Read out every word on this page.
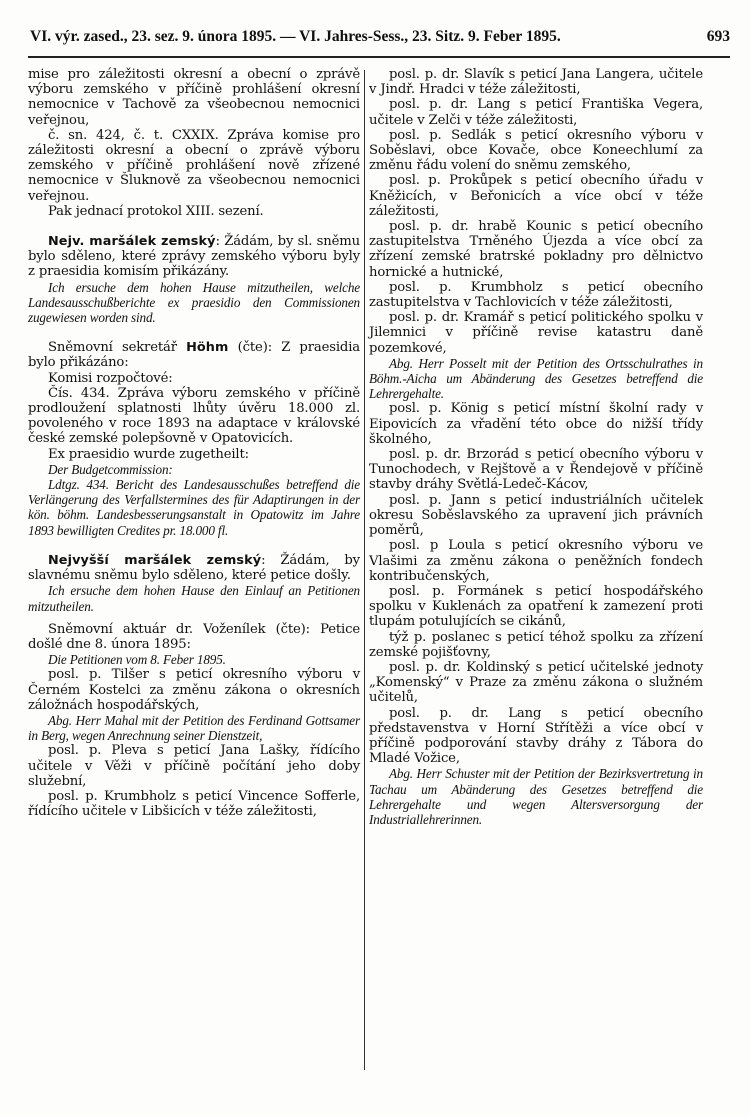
VI. výr. zased., 23. sez. 9. února 1895. — VI. Jahres-Sess., 23. Sitz. 9. Feber 1895.	693

mise pro záležitosti okresní a obecní o zprávě výboru zemského v příčině prohlášení okresní nemocnice v Tachově za všeobecnou nemocnici veřejnou,

č. sn. 424, č. t. CXXIX. Zpráva komise pro záležitosti okresní a obecní o zprávě výboru zemského v příčině prohlášení nově zřízené nemocnice v Šluknově za všeobecnou nemocnici veřejnou.

Pak jednací protokol XIII. sezení.

Nejv. maršálek zemský: Žádám, by sl. sněmu bylo sděleno, které zprávy zemského výboru byly z praesidia komisím přikázány.

Ich ersuche dem hohen Hause mitzutheilen, welche Landesausschußberichte ex praesidio den Commissionen zugewiesen worden sind.

Sněmovní sekretář Höhm (čte): Z praesidia bylo přikázáno:

Komisi rozpočtové:

Čís. 434. Zpráva výboru zemského v příčině prodloužení splatnosti lhůty úvěru 18.000 zl. povoleného v roce 1893 na adaptace v královské české zemské polepšovně v Opatovicích.

Ex praesidio wurde zugetheilt:

Der Budgetcommission:

Ldtgz. 434. Bericht des Landesausschußes betreffend die Verlängerung des Verfallstermines des für Adaptirungen in der kön. böhm. Landesbesserungsanstalt in Opatowitz im Jahre 1893 bewilligten Credites pr. 18.000 fl.

Nejvyšší maršálek zemský: Žádám, by slavnému sněmu bylo sděleno, které petice došly.

Ich ersuche dem hohen Hause den Einlauf an Petitionen mitzutheilen.

Sněmovní aktuár dr. Voženílek (čte): Petice došlé dne 8. února 1895:

Die Petitionen vom 8. Feber 1895.

posl. p. Tilšer s peticí okresního výboru v Černém Kostelci za změnu zákona o okresních záložnách hospodářských,

Abg. Herr Mahal mit der Petition des Ferdinand Gottsamer in Berg, wegen Anrechnung seiner Dienstzeit,

posl. p. Pleva s peticí Jana Lašky, řídícího učitele v Věži v příčině počítání jeho doby služební,

posl. p. Krumbholz s peticí Vincence Sofferle, řídícího učitele v Libšicích v téže záležitosti,

posl. p. dr. Slavík s peticí Jana Langera, učitele v Jindř. Hradci v téže záležitosti,

posl. p. dr. Lang s peticí Františka Vegera, učitele v Zelči v téže záležitosti,

posl. p. Sedlák s peticí okresního výboru v Soběslavi, obce Kovače, obce Koneechlumí za změnu řádu volení do sněmu zemského,

posl. p. Prokůpek s peticí obecního úřadu v Kněžicích, v Beřonicích a více obcí v téže záležitosti,

posl. p. dr. hrabě Kounic s peticí obecního zastupitelstva Trněného Újezda a více obcí za zřízení zemské bratrské pokladny pro dělnictvo hornické a hutnické,

posl. p. Krumbholz s peticí obecního zastupitelstva v Tachlovicích v téže záležitosti,

posl. p. dr. Kramář s peticí politického spolku v Jilemnici v příčině revise katastru daně pozemkové,

Abg. Herr Posselt mit der Petition des Ortsschulrathes in Böhm.-Aicha um Abänderung des Gesetzes betreffend die Lehrergehalte.

posl. p. König s peticí místní školní rady v Eipovicích za vřadění této obce do nižší třídy školného,

posl. p. dr. Brzorád s peticí obecního výboru v Tunochodech, v Rejštově a v Řendejově v příčině stavby dráhy Světlá-Ledeč-Kácov,

posl. p. Jann s peticí industriálních učitelek okresu Soběslavského za upravení jich právních poměrů,

posl. p Loula s peticí okresního výboru ve Vlašimi za změnu zákona o peněžních fondech kontribučenských,

posl. p. Formánek s peticí hospodářského spolku v Kuklenách za opatření k zamezení proti tlupám potulujících se cikánů,

týž p. poslanec s peticí téhož spolku za zřízení zemské pojišťovny,

posl. p. dr. Koldinský s peticí učitelské jednoty „Komenský“ v Praze za změnu zákona o služném učitelů,

posl. p. dr. Lang s peticí obecního představenstva v Horní Střítěži a více obcí v příčině podporování stavby dráhy z Tábora do Mladé Vožice,

Abg. Herr Schuster mit der Petition der Bezirksvertretung in Tachau um Abänderung des Gesetzes betreffend die Lehrergehalte und wegen Altersversorgung der Industriallehrerinnen.
